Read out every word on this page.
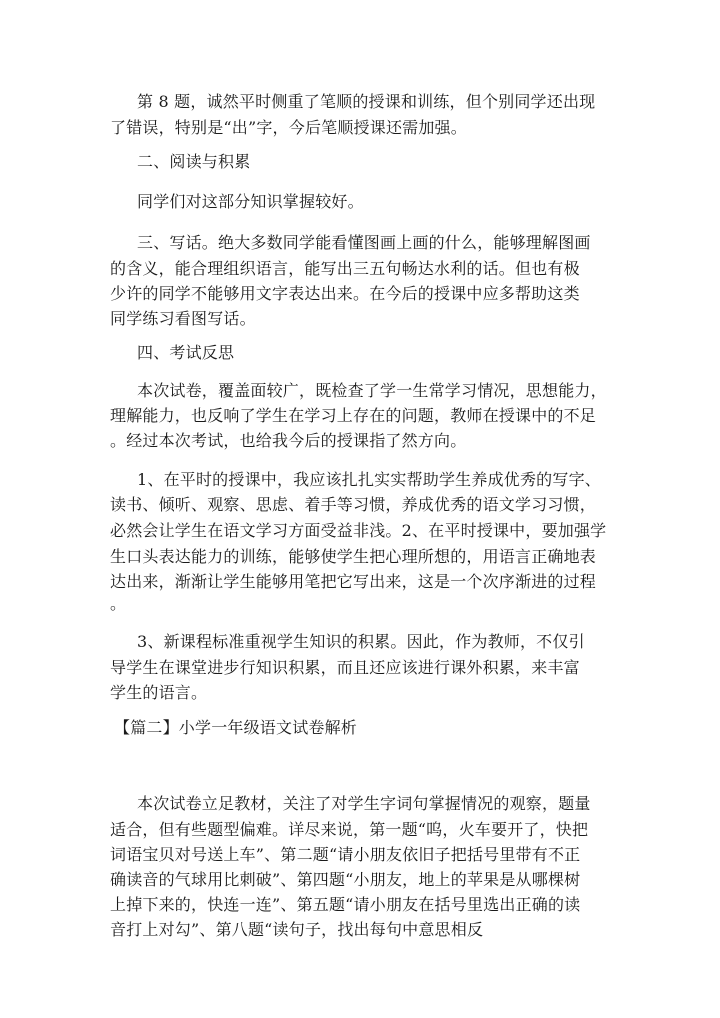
第 8 题，诚然平时侧重了笔顺的授课和训练，但个别同学还出现
了错误，特别是“出”字，今后笔顺授课还需加强。
二、阅读与积累
同学们对这部分知识掌握较好。
三、写话。绝大多数同学能看懂图画上画的什么，能够理解图画
的含义，能合理组织语言，能写出三五句畅达水利的话。但也有极
少许的同学不能够用文字表达出来。在今后的授课中应多帮助这类
同学练习看图写话。
四、考试反思
本次试卷，覆盖面较广，既检查了学一生常学习情况，思想能力，
理解能力，也反响了学生在学习上存在的问题，教师在授课中的不足
。经过本次考试，也给我今后的授课指了然方向。
1、在平时的授课中，我应该扎扎实实帮助学生养成优秀的写字、
读书、倾听、观察、思虑、着手等习惯，养成优秀的语文学习习惯，
必然会让学生在语文学习方面受益非浅。2、在平时授课中，要加强学
生口头表达能力的训练，能够使学生把心理所想的，用语言正确地表
达出来，渐渐让学生能够用笔把它写出来，这是一个次序渐进的过程
。
3、新课程标准重视学生知识的积累。因此，作为教师，不仅引
导学生在课堂进步行知识积累，而且还应该进行课外积累，来丰富
学生的语言。
【篇二】小学一年级语文试卷解析
本次试卷立足教材，关注了对学生字词句掌握情况的观察，题量
适合，但有些题型偏难。详尽来说，第一题“呜，火车要开了，快把
词语宝贝对号送上车”、第二题“请小朋友依旧子把括号里带有不正
确读音的气球用比刺破”、第四题“小朋友，地上的苹果是从哪棵树
上掉下来的，快连一连”、第五题“请小朋友在括号里选出正确的读
音打上对勾”、第八题“读句子，找出每句中意思相反
